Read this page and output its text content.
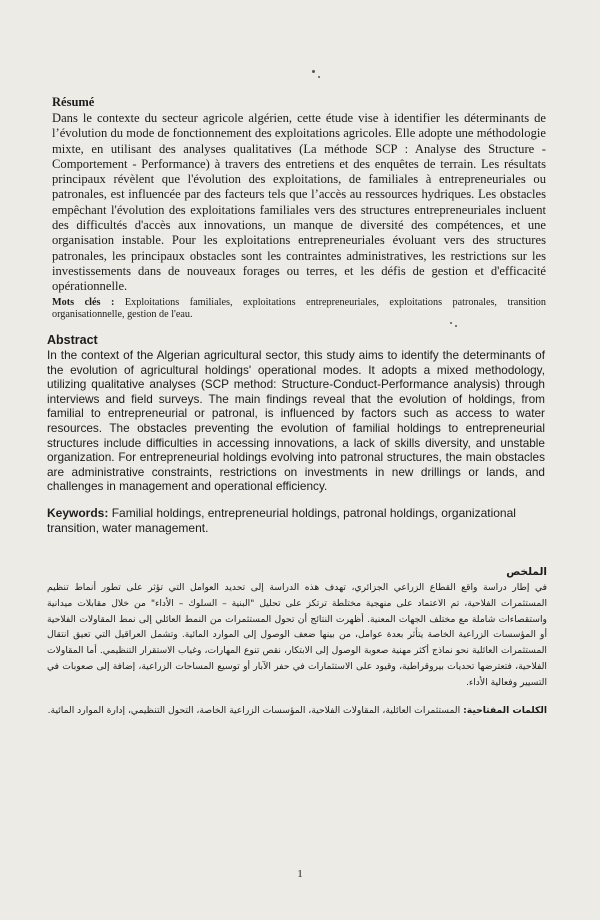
Résumé

Dans le contexte du secteur agricole algérien, cette étude vise à identifier les déterminants de l’évolution du mode de fonctionnement des exploitations agricoles. Elle adopte une méthodologie mixte, en utilisant des analyses qualitatives (La méthode SCP : Analyse des Structure - Comportement - Performance) à travers des entretiens et des enquêtes de terrain. Les résultats principaux révèlent que l'évolution des exploitations, de familiales à entrepreneuriales ou patronales, est influencée par des facteurs tels que l’accès au ressources hydriques. Les obstacles empêchant l'évolution des exploitations familiales vers des structures entrepreneuriales incluent des difficultés d'accès aux innovations, un manque de diversité des compétences, et une organisation instable. Pour les exploitations entrepreneuriales évoluant vers des structures patronales, les principaux obstacles sont les contraintes administratives, les restrictions sur les investissements dans de nouveaux forages ou terres, et les défis de gestion et d'efficacité opérationnelle.

Mots clés : Exploitations familiales, exploitations entrepreneuriales, exploitations patronales, transition organisationnelle, gestion de l'eau.

Abstract

In the context of the Algerian agricultural sector, this study aims to identify the determinants of the evolution of agricultural holdings' operational modes. It adopts a mixed methodology, utilizing qualitative analyses (SCP method: Structure-Conduct-Performance analysis) through interviews and field surveys. The main findings reveal that the evolution of holdings, from familial to entrepreneurial or patronal, is influenced by factors such as access to water resources. The obstacles preventing the evolution of familial holdings to entrepreneurial structures include difficulties in accessing innovations, a lack of skills diversity, and unstable organization. For entrepreneurial holdings evolving into patronal structures, the main obstacles are administrative constraints, restrictions on investments in new drillings or lands, and challenges in management and operational efficiency.

Keywords: Familial holdings, entrepreneurial holdings, patronal holdings, organizational transition, water management.

الملخص

في إطار دراسة واقع القطاع الزراعي الجزائري، تهدف هذه الدراسة إلى تحديد العوامل التي تؤثر على تطور أنماط تنظيم المستثمرات الفلاحية، تم الاعتماد على منهجية مختلطة ترتكز على تحليل "البنية – السلوك – الأداء" من خلال مقابلات ميدانية واستقصاءات شاملة مع مختلف الجهات المعنية. أظهرت النتائج أن تحول المستثمرات من النمط العائلي إلى نمط المقاولات الفلاحية أو المؤسسات الزراعية الخاصة يتأثر بعدة عوامل، من بينها ضعف الوصول إلى الموارد المائية. وتشمل العراقيل التي تعيق انتقال المستثمرات العائلية نحو نماذج أكثر مهنية صعوبة الوصول إلى الابتكار، نقص تنوع المهارات، وغياب الاستقرار التنظيمي. أما المقاولات الفلاحية، فتعترضها تحديات بيروقراطية، وقيود على الاستثمارات في حفر الآبار أو توسيع المساحات الزراعية، إضافة إلى صعوبات في التسيير وفعالية الأداء.

الكلمات المفتاحية: المستثمرات العائلية، المقاولات الفلاحية، المؤسسات الزراعية الخاصة، التحول التنظيمي، إدارة الموارد المائية.

1
